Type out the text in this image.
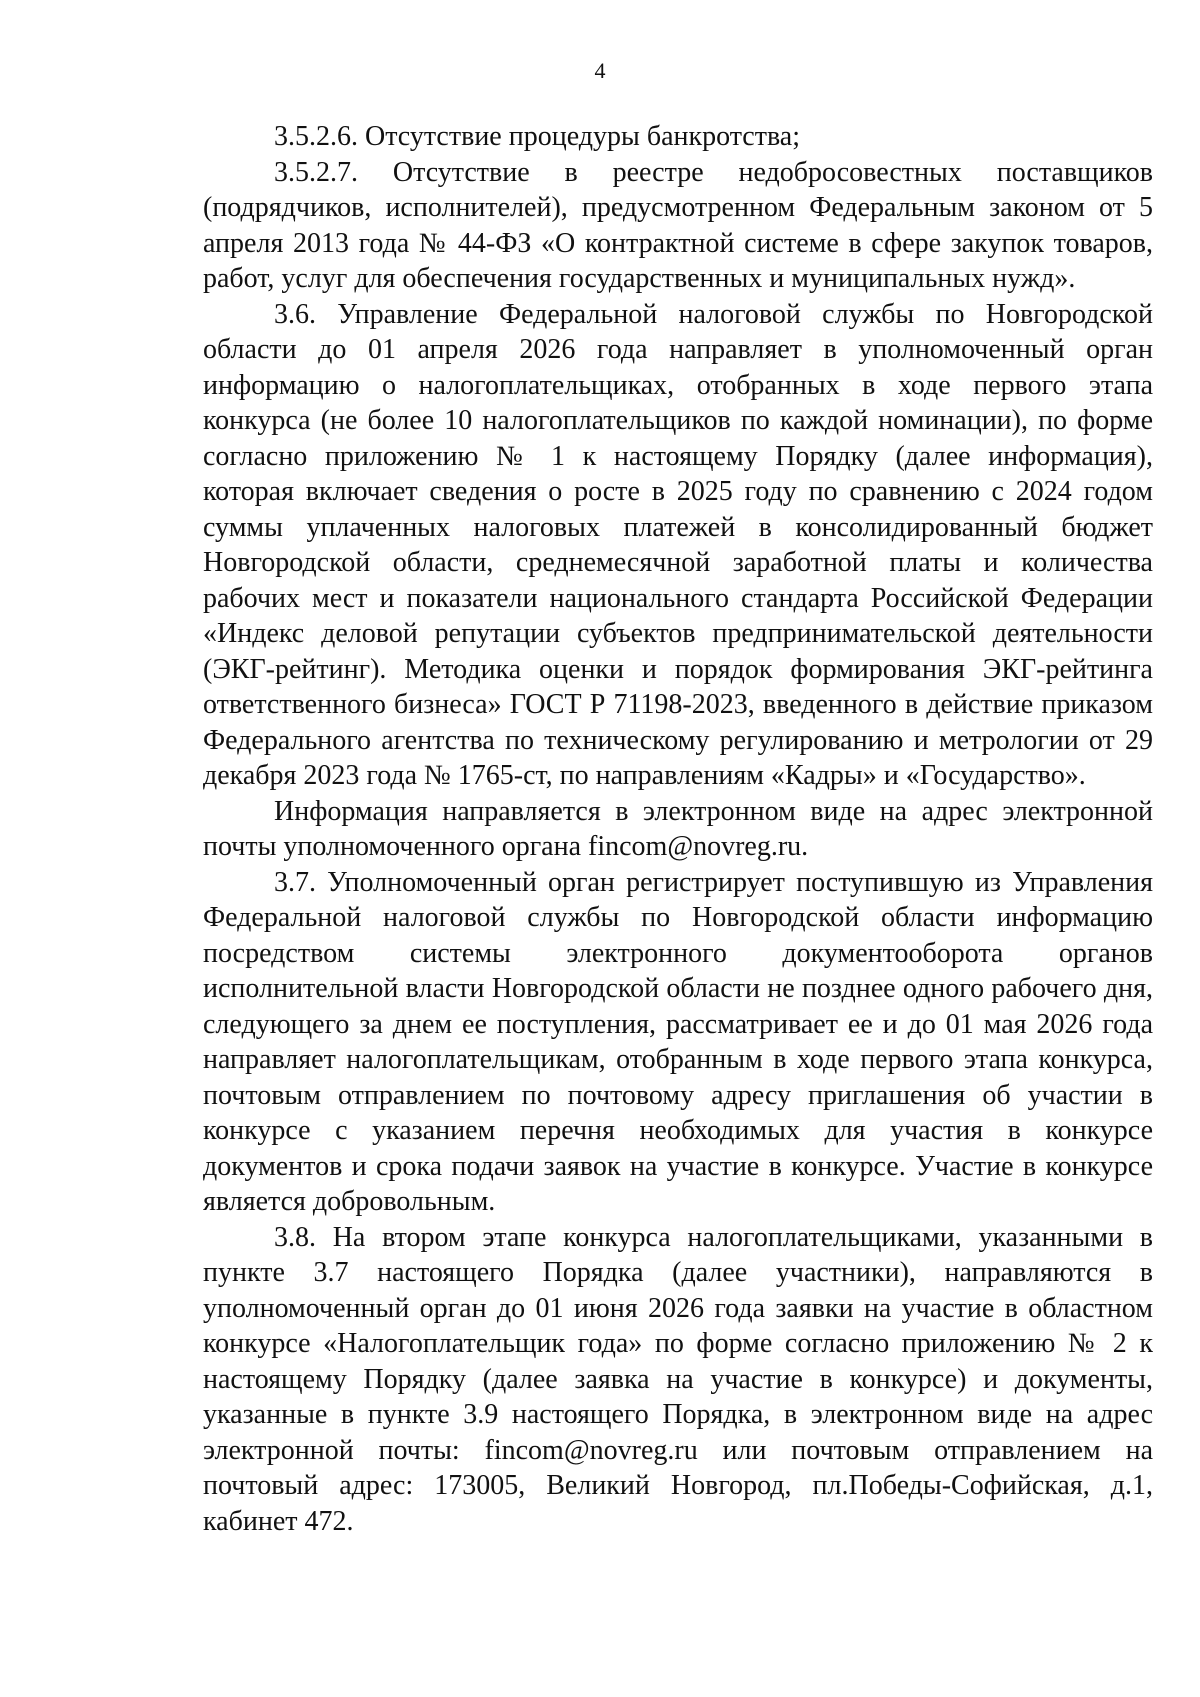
4

3.5.2.6. Отсутствие процедуры банкротства;

3.5.2.7. Отсутствие в реестре недобросовестных поставщиков (подрядчиков, исполнителей), предусмотренном Федеральным законом от 5 апреля 2013 года № 44-ФЗ «О контрактной системе в сфере закупок товаров, работ, услуг для обеспечения государственных и муниципальных нужд».

3.6. Управление Федеральной налоговой службы по Новгородской области до 01 апреля 2026 года направляет в уполномоченный орган информацию о налогоплательщиках, отобранных в ходе первого этапа конкурса (не более 10 налогоплательщиков по каждой номинации), по форме согласно приложению № 1 к настоящему Порядку (далее информация), которая включает сведения о росте в 2025 году по сравнению с 2024 годом суммы уплаченных налоговых платежей в консолидированный бюджет Новгородской области, среднемесячной заработной платы и количества рабочих мест и показатели национального стандарта Российской Федерации «Индекс деловой репутации субъектов предпринимательской деятельности (ЭКГ-рейтинг). Методика оценки и порядок формирования ЭКГ-рейтинга ответственного бизнеса» ГОСТ Р 71198-2023, введенного в действие приказом Федерального агентства по техническому регулированию и метрологии от 29 декабря 2023 года № 1765-ст, по направлениям «Кадры» и «Государство».

Информация направляется в электронном виде на адрес электронной почты уполномоченного органа fincom@novreg.ru.

3.7. Уполномоченный орган регистрирует поступившую из Управления Федеральной налоговой службы по Новгородской области информацию посредством системы электронного документооборота органов исполнительной власти Новгородской области не позднее одного рабочего дня, следующего за днем ее поступления, рассматривает ее и до 01 мая 2026 года направляет налогоплательщикам, отобранным в ходе первого этапа конкурса, почтовым отправлением по почтовому адресу приглашения об участии в конкурсе с указанием перечня необходимых для участия в конкурсе документов и срока подачи заявок на участие в конкурсе. Участие в конкурсе является добровольным.

3.8. На втором этапе конкурса налогоплательщиками, указанными в пункте 3.7 настоящего Порядка (далее участники), направляются в уполномоченный орган до 01 июня 2026 года заявки на участие в областном конкурсе «Налогоплательщик года» по форме согласно приложению № 2 к настоящему Порядку (далее заявка на участие в конкурсе) и документы, указанные в пункте 3.9 настоящего Порядка, в электронном виде на адрес электронной почты: fincom@novreg.ru или почтовым отправлением на почтовый адрес: 173005, Великий Новгород, пл.Победы-Софийская, д.1, кабинет 472.
